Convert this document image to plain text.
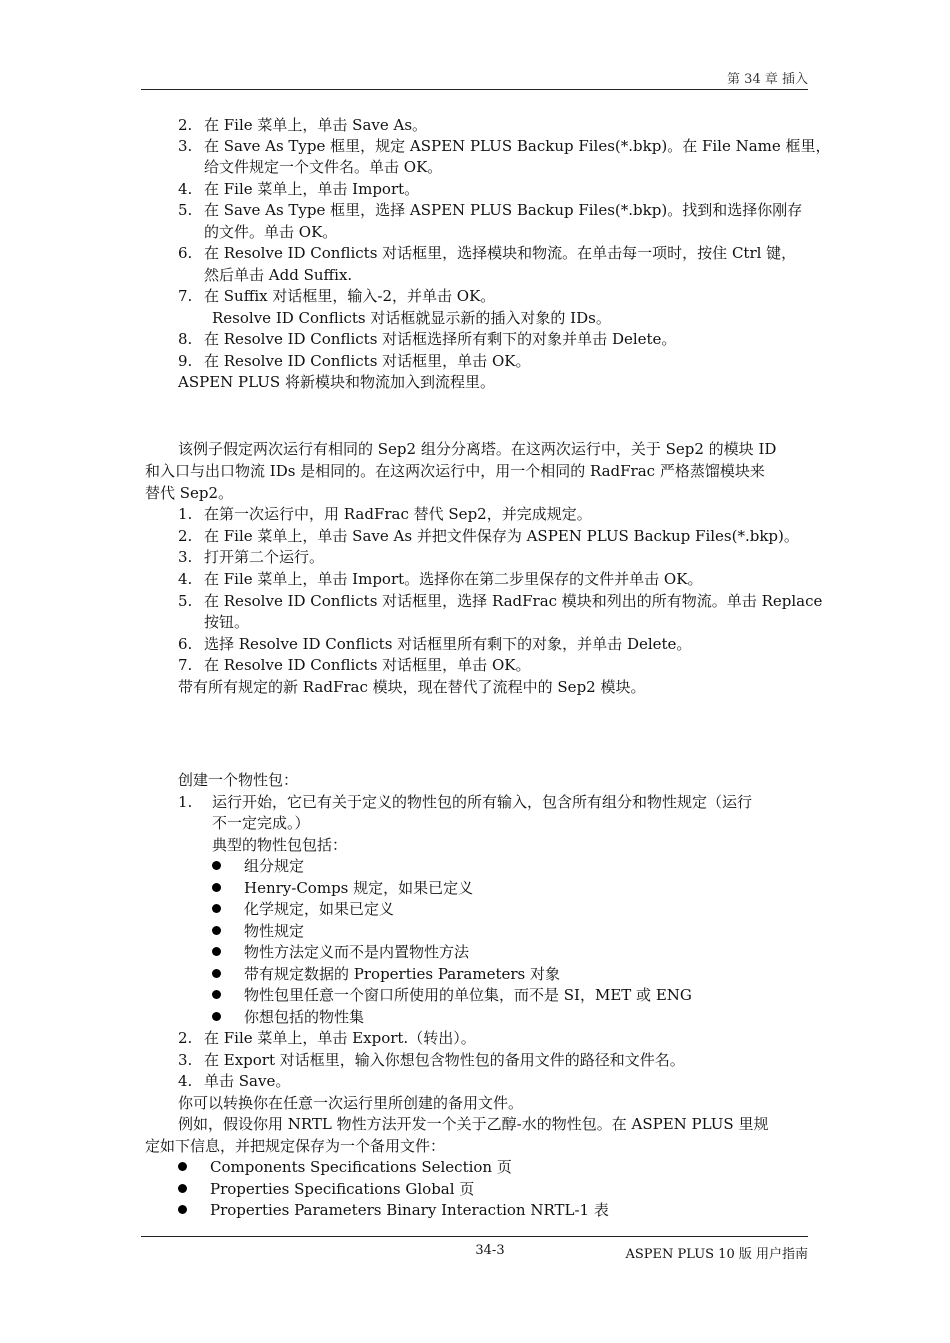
第 34 章 插入
2. 在 File 菜单上，单击 Save As。
3. 在 Save As Type 框里，规定 ASPEN PLUS Backup Files(*.bkp)。在 File Name 框里，
给文件规定一个文件名。单击 OK。
4. 在 File 菜单上，单击 Import。
5. 在 Save As Type 框里，选择 ASPEN PLUS Backup Files(*.bkp)。找到和选择你刚存
的文件。单击 OK。
6. 在 Resolve ID Conflicts 对话框里，选择模块和物流。在单击每一项时，按住 Ctrl 键，
然后单击 Add Suffix.
7. 在 Suffix 对话框里，输入-2，并单击 OK。
Resolve ID Conflicts 对话框就显示新的插入对象的 IDs。
8. 在 Resolve ID Conflicts 对话框选择所有剩下的对象并单击 Delete。
9. 在 Resolve ID Conflicts 对话框里，单击 OK。
ASPEN PLUS 将新模块和物流加入到流程里。
该例子假定两次运行有相同的 Sep2 组分分离塔。在这两次运行中，关于 Sep2 的模块 ID
和入口与出口物流 IDs 是相同的。在这两次运行中，用一个相同的 RadFrac 严格蒸馏模块来
替代 Sep2。
1. 在第一次运行中，用 RadFrac 替代 Sep2，并完成规定。
2. 在 File 菜单上，单击 Save As 并把文件保存为 ASPEN PLUS Backup Files(*.bkp)。
3. 打开第二个运行。
4. 在 File 菜单上，单击 Import。选择你在第二步里保存的文件并单击 OK。
5. 在 Resolve ID Conflicts 对话框里，选择 RadFrac 模块和列出的所有物流。单击 Replace
按钮。
6. 选择 Resolve ID Conflicts 对话框里所有剩下的对象，并单击 Delete。
7. 在 Resolve ID Conflicts 对话框里，单击 OK。
带有所有规定的新 RadFrac 模块，现在替代了流程中的 Sep2 模块。
创建一个物性包：
1. 运行开始，它已有关于定义的物性包的所有输入，包含所有组分和物性规定（运行
不一定完成。）
典型的物性包包括：
组分规定
Henry-Comps 规定，如果已定义
化学规定，如果已定义
物性规定
物性方法定义而不是内置物性方法
带有规定数据的 Properties Parameters 对象
物性包里任意一个窗口所使用的单位集，而不是 SI，MET 或 ENG
你想包括的物性集
2. 在 File 菜单上，单击 Export.（转出）。
3. 在 Export 对话框里，输入你想包含物性包的备用文件的路径和文件名。
4. 单击 Save。
你可以转换你在任意一次运行里所创建的备用文件。
例如，假设你用 NRTL 物性方法开发一个关于乙醇-水的物性包。在 ASPEN PLUS 里规
定如下信息，并把规定保存为一个备用文件：
Components Specifications Selection 页
Properties Specifications Global 页
Properties Parameters Binary Interaction NRTL-1 表
34-3	ASPEN PLUS 10 版 用户指南
